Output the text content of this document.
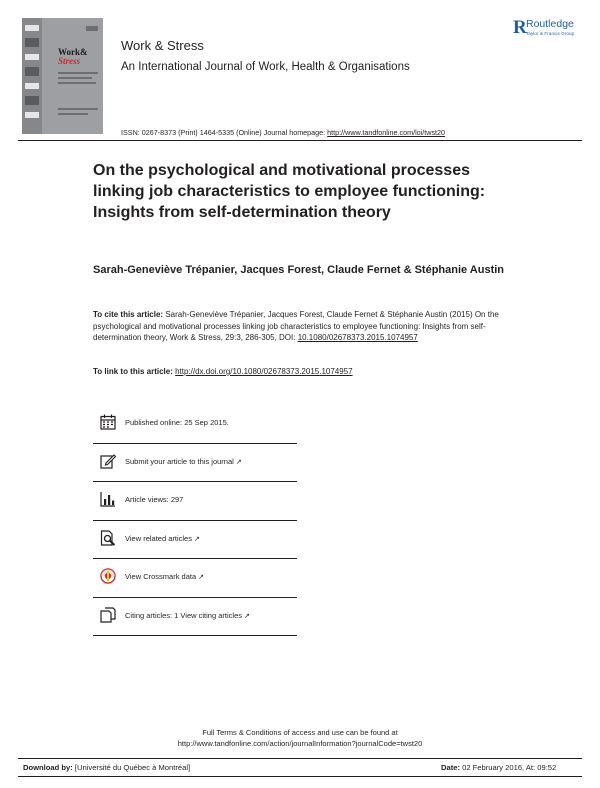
Work&
Stress
Work & Stress
An International Journal of Work, Health & Organisations
R Routledge
Taylor & Francis Group
ISSN: 0267-8373 (Print) 1464-5335 (Online) Journal homepage: http://www.tandfonline.com/loi/twst20
On the psychological and motivational processes linking job characteristics to employee functioning: Insights from self-determination theory
Sarah-Geneviève Trépanier, Jacques Forest, Claude Fernet & Stéphanie Austin
To cite this article: Sarah-Geneviève Trépanier, Jacques Forest, Claude Fernet & Stéphanie Austin (2015) On the psychological and motivational processes linking job characteristics to employee functioning: Insights from self-determination theory, Work & Stress, 29:3, 286-305, DOI: 10.1080/02678373.2015.1074957
To link to this article: http://dx.doi.org/10.1080/02678373.2015.1074957
Published online: 25 Sep 2015.
Submit your article to this journal ↗︎
Article views: 297
View related articles ↗︎
View Crossmark data ↗︎
Citing articles: 1 View citing articles ↗︎
Full Terms & Conditions of access and use can be found at
http://www.tandfonline.com/action/journalInformation?journalCode=twst20
Download by: [Université du Québec à Montréal]	Date: 02 February 2016, At: 09:52
